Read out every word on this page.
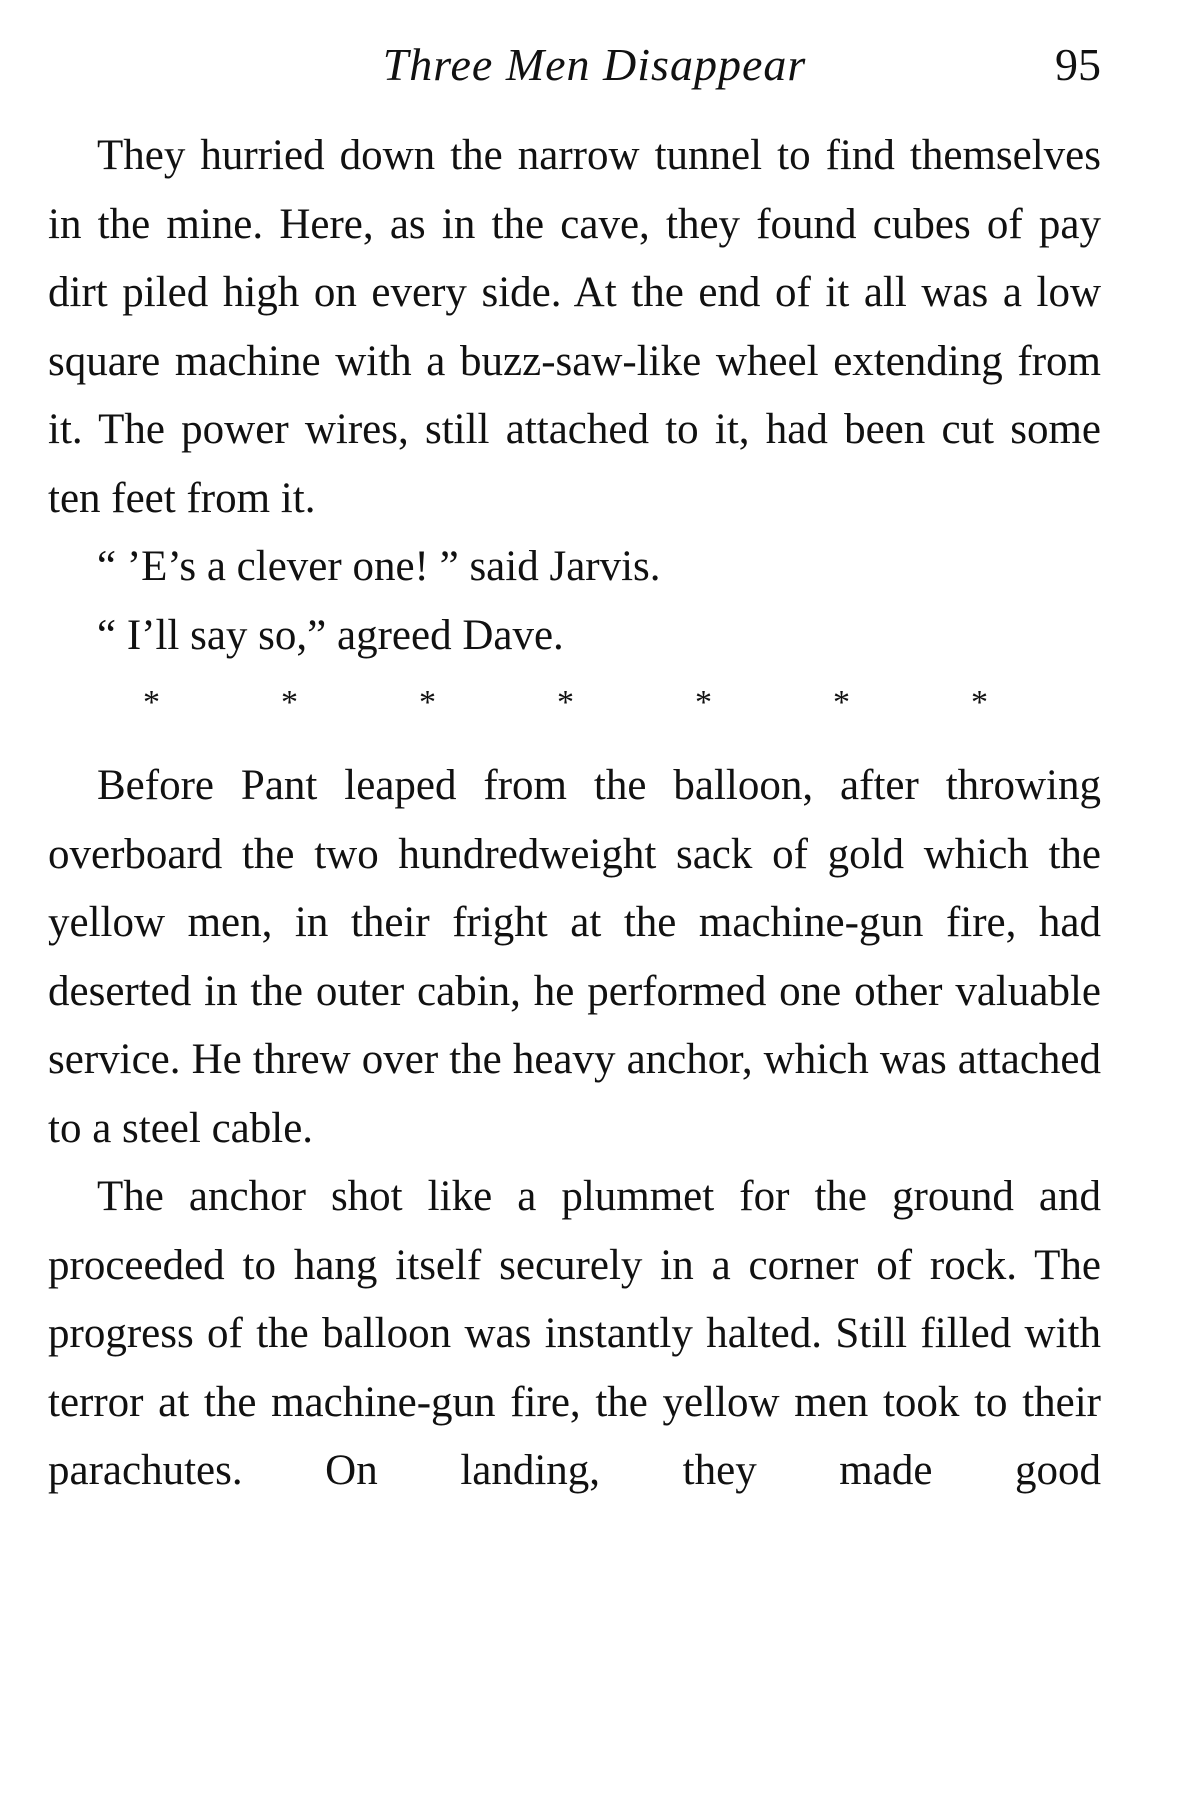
Three Men Disappear	95

They hurried down the narrow tunnel to find themselves in the mine. Here, as in the cave, they found cubes of pay dirt piled high on every side. At the end of it all was a low square machine with a buzz-saw-like wheel extending from it. The power wires, still attached to it, had been cut some ten feet from it.

“ ’E’s a clever one! ” said Jarvis.

“ I’ll say so,” agreed Dave.

*	*	*	*	*	*	*

Before Pant leaped from the balloon, after throwing overboard the two hundredweight sack of gold which the yellow men, in their fright at the machine-gun fire, had deserted in the outer cabin, he performed one other valuable service. He threw over the heavy anchor, which was attached to a steel cable.

The anchor shot like a plummet for the ground and proceeded to hang itself securely in a corner of rock. The progress of the balloon was instantly halted. Still filled with terror at the machine-gun fire, the yellow men took to their parachutes. On landing, they made good
